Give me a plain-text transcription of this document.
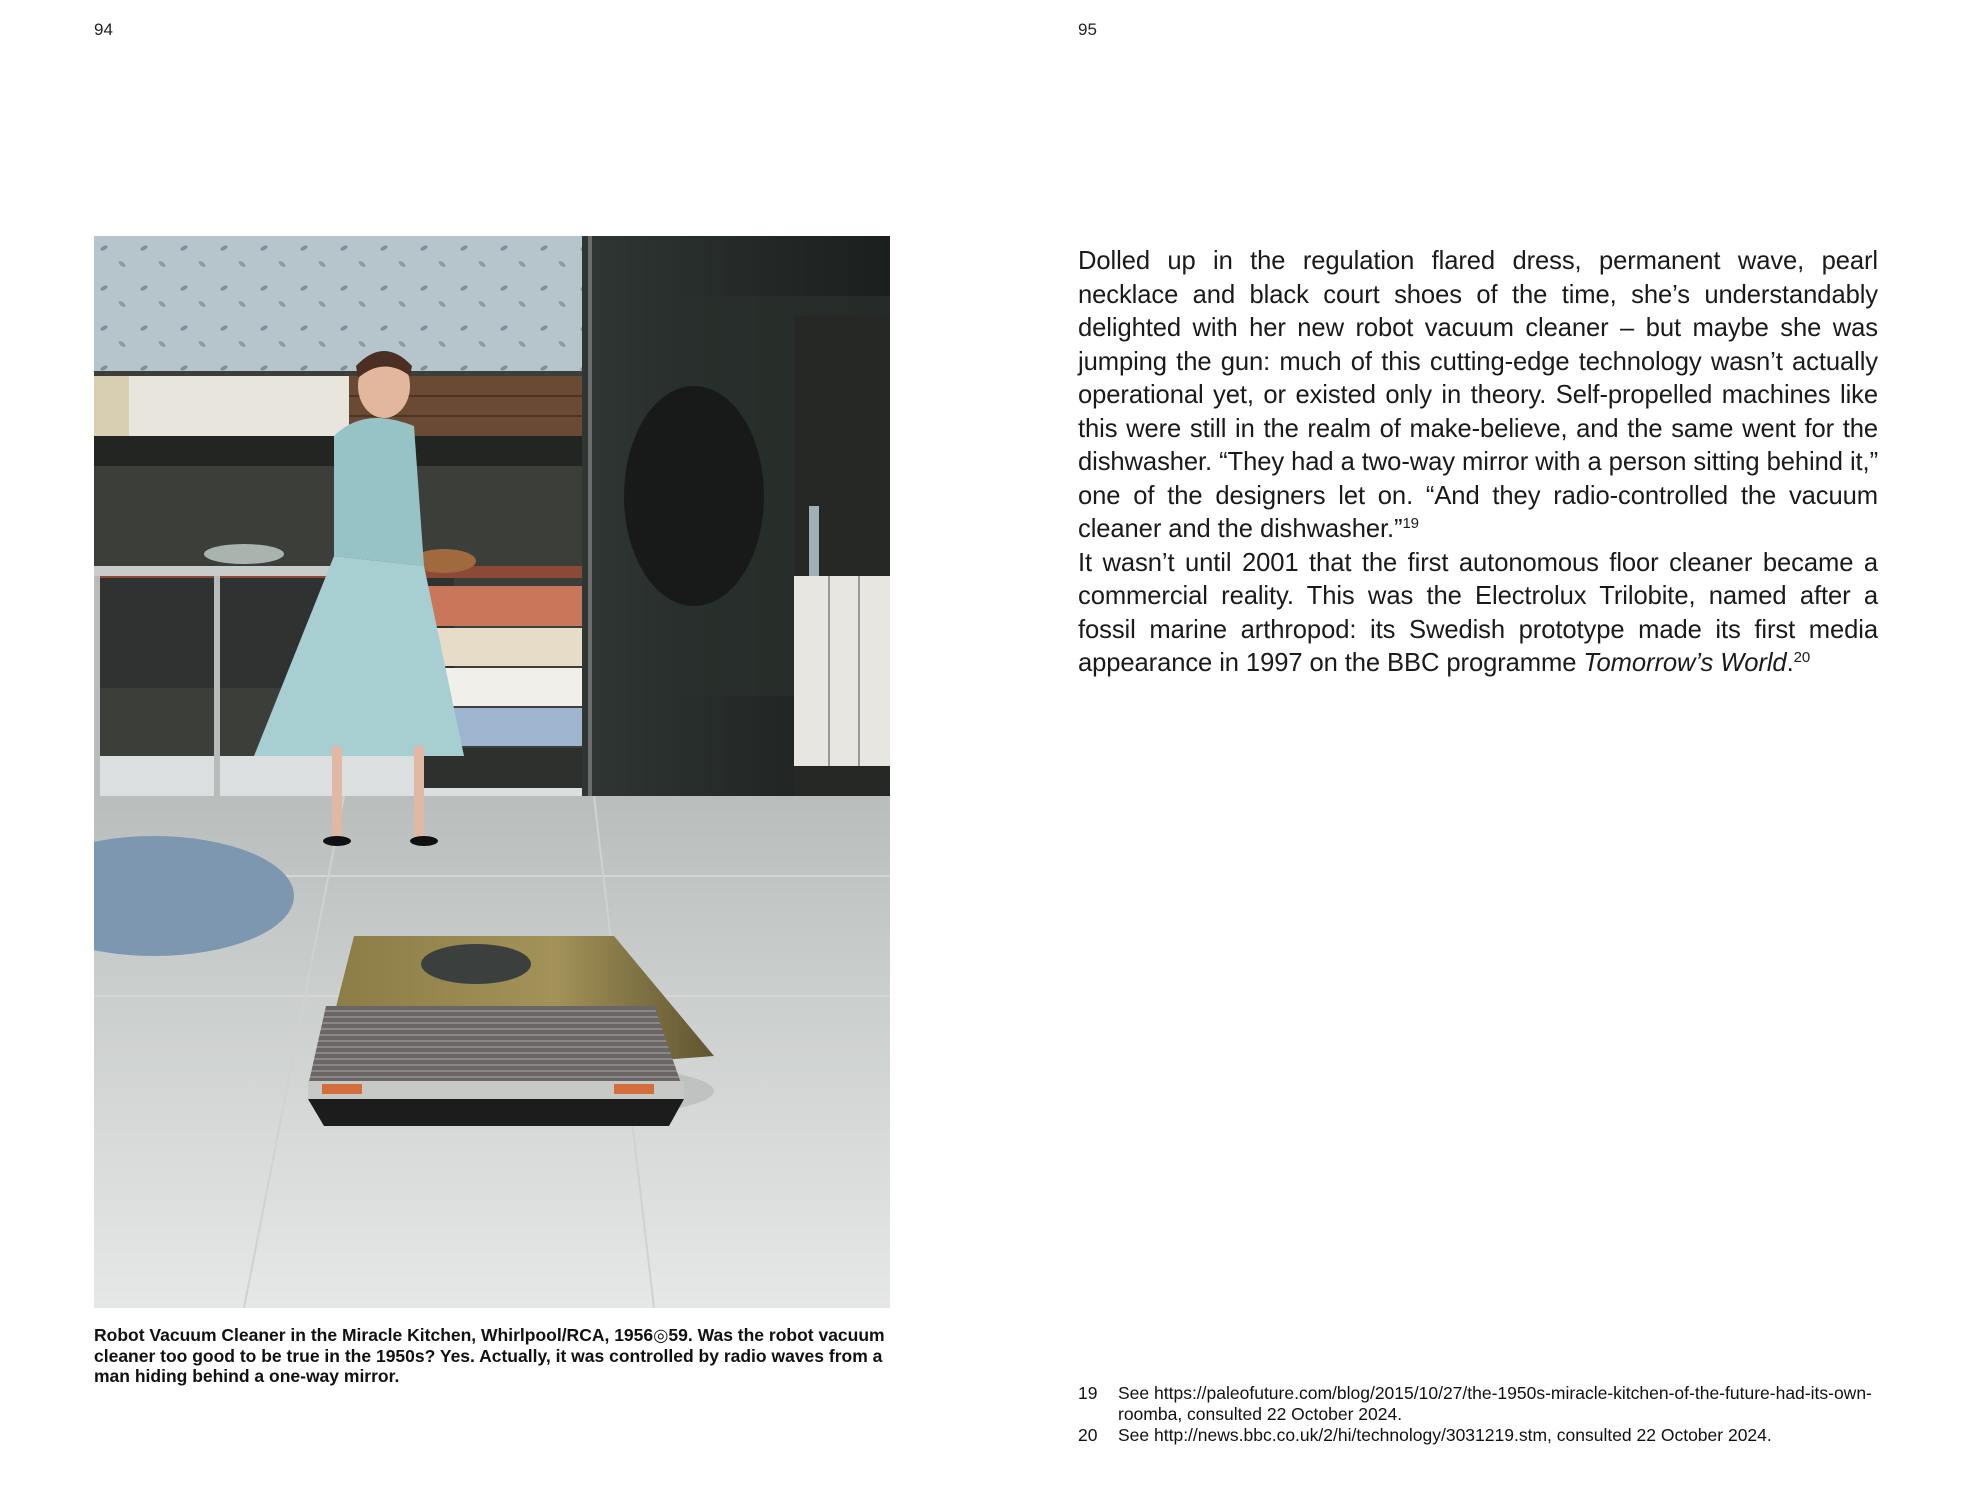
94	95
Robot Vacuum Cleaner in the Miracle Kitchen, Whirlpool/RCA, 1956◎59. Was the robot vacuum cleaner too good to be true in the 1950s? Yes. Actually, it was controlled by radio waves from a man hiding behind a one-way mirror.

Dolled up in the regulation flared dress, permanent wave, pearl necklace and black court shoes of the time, she’s understandably delighted with her new robot vacuum cleaner – but maybe she was jumping the gun: much of this cutting-edge technology wasn’t actually operational yet, or existed only in theory. Self-propelled machines like this were still in the realm of make-believe, and the same went for the dishwasher. “They had a two-way mirror with a person sitting behind it,” one of the designers let on. “And they radio-controlled the vacuum cleaner and the dishwasher.”$^{19}$

It wasn’t until 2001 that the first autonomous floor cleaner became a commercial reality. This was the Electrolux Trilobite, named after a fossil marine arthropod: its Swedish prototype made its first media appearance in 1997 on the BBC programme Tomorrow’s World.$^{20}$

19	See https://paleofuture.com/blog/2015/10/27/the-1950s-miracle-kitchen-of-the-future-had-its-own-roomba, consulted 22 October 2024.
20	See http://news.bbc.co.uk/2/hi/technology/3031219.stm, consulted 22 October 2024.
